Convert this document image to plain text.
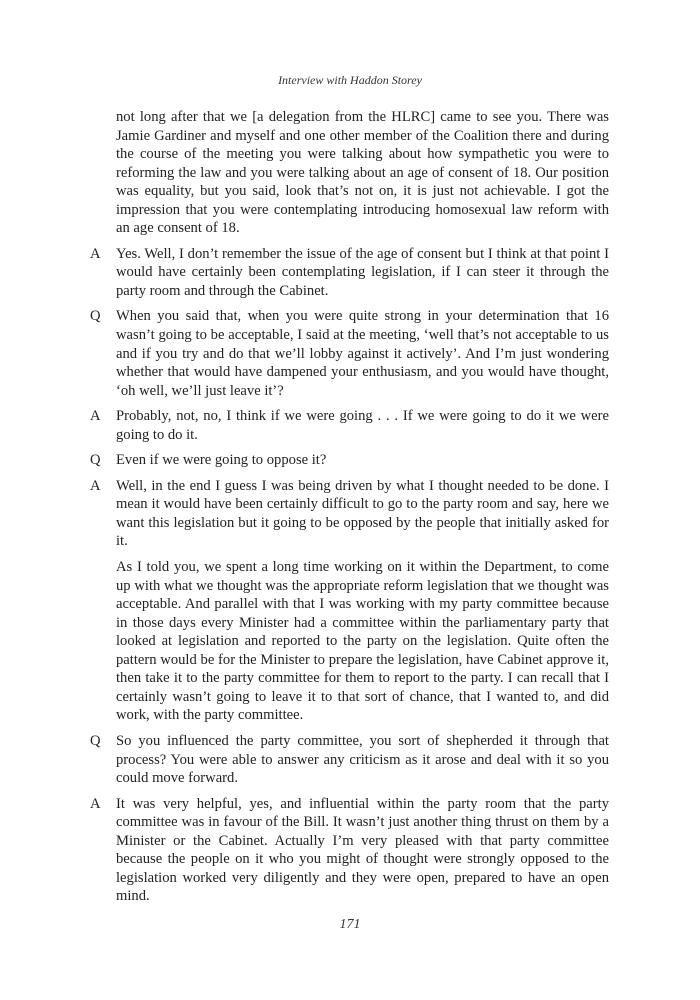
Interview with Haddon Storey

not long after that we [a delegation from the HLRC] came to see you. There was Jamie Gardiner and myself and one other member of the Coalition there and during the course of the meeting you were talking about how sympathetic you were to reforming the law and you were talking about an age of consent of 18. Our position was equality, but you said, look that’s not on, it is just not achievable. I got the impression that you were contemplating introducing homosexual law reform with an age consent of 18.

A Yes. Well, I don’t remember the issue of the age of consent but I think at that point I would have certainly been contemplating legislation, if I can steer it through the party room and through the Cabinet.

Q When you said that, when you were quite strong in your determination that 16 wasn’t going to be acceptable, I said at the meeting, ‘well that’s not acceptable to us and if you try and do that we’ll lobby against it actively’. And I’m just wondering whether that would have dampened your enthusiasm, and you would have thought, ‘oh well, we’ll just leave it’?

A Probably, not, no, I think if we were going . . . If we were going to do it we were going to do it.

Q Even if we were going to oppose it?

A Well, in the end I guess I was being driven by what I thought needed to be done. I mean it would have been certainly difficult to go to the party room and say, here we want this legislation but it going to be opposed by the people that initially asked for it.

As I told you, we spent a long time working on it within the Department, to come up with what we thought was the appropriate reform legislation that we thought was acceptable. And parallel with that I was working with my party committee because in those days every Minister had a committee within the parliamentary party that looked at legislation and reported to the party on the legislation. Quite often the pattern would be for the Minister to prepare the legislation, have Cabinet approve it, then take it to the party committee for them to report to the party. I can recall that I certainly wasn’t going to leave it to that sort of chance, that I wanted to, and did work, with the party committee.

Q So you influenced the party committee, you sort of shepherded it through that process? You were able to answer any criticism as it arose and deal with it so you could move forward.

A It was very helpful, yes, and influential within the party room that the party committee was in favour of the Bill. It wasn’t just another thing thrust on them by a Minister or the Cabinet. Actually I’m very pleased with that party committee because the people on it who you might of thought were strongly opposed to the legislation worked very diligently and they were open, prepared to have an open mind.

171
